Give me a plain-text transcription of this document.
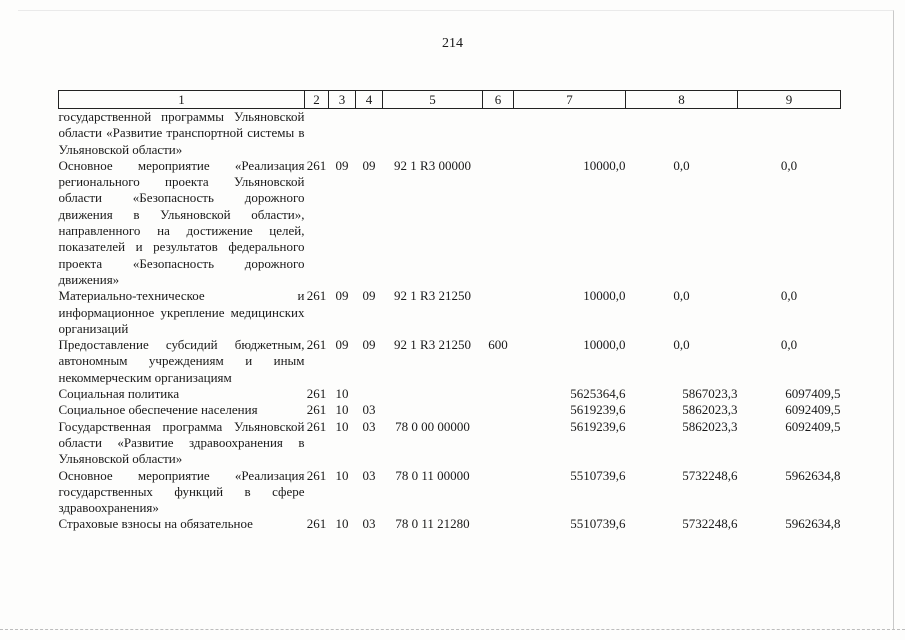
214
1	2	3	4	5	6	7	8	9
государственной программы Ульяновской области «Развитие транспортной системы в Ульяновской области»								
Основное мероприятие «Реализация регионального проекта Ульяновской области «Безопасность дорожного движения в Ульяновской области», направленного на достижение целей, показателей и результатов федерального проекта «Безопасность дорожного движения»	261	09	09	92 1 R3 00000		10000,0	0,0	0,0
Материально-техническое и информационное укрепление медицинских организаций	261	09	09	92 1 R3 21250		10000,0	0,0	0,0
Предоставление субсидий бюджетным, автономным учреждениям и иным некоммерческим организациям	261	09	09	92 1 R3 21250	600	10000,0	0,0	0,0
Социальная политика	261	10				5625364,6	5867023,3	6097409,5
Социальное обеспечение населения	261	10	03			5619239,6	5862023,3	6092409,5
Государственная программа Ульяновской области «Развитие здравоохранения в Ульяновской области»	261	10	03	78 0 00 00000		5619239,6	5862023,3	6092409,5
Основное мероприятие «Реализация государственных функций в сфере здравоохранения»	261	10	03	78 0 11 00000		5510739,6	5732248,6	5962634,8
Страховые взносы на обязательное	261	10	03	78 0 11 21280		5510739,6	5732248,6	5962634,8
